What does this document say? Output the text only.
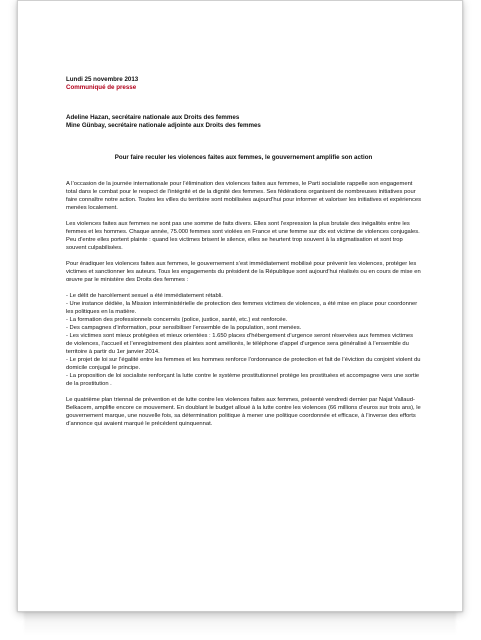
Lundi 25 novembre 2013

Communiqué de presse

Adeline Hazan, secrétaire nationale aux Droits des femmes

Mine Günbay, secrétaire nationale adjointe aux Droits des femmes

Pour faire reculer les violences faites aux femmes, le gouvernement amplifie son action

A l’occasion de la journée internationale pour l’élimination des violences faites aux femmes, le Parti socialiste rappelle son engagement total dans le combat pour le respect de l’intégrité et de la dignité des femmes. Ses fédérations organisent de nombreuses initiatives pour faire connaître notre action. Toutes les villes du territoire sont mobilisées aujourd’hui pour informer et valoriser les initiatives et expériences menées localement.

Les violences faites aux femmes ne sont pas une somme de faits divers. Elles sont l’expression la plus brutale des inégalités entre les femmes et les hommes. Chaque année, 75.000 femmes sont violées en France et une femme sur dix est victime de violences conjugales. Peu d’entre elles portent plainte : quand les victimes brisent le silence, elles se heurtent trop souvent à la stigmatisation et sont trop souvent culpabilisées.

Pour éradiquer les violences faites aux femmes, le gouvernement s’est immédiatement mobilisé pour prévenir les violences, protéger les victimes et sanctionner les auteurs. Tous les engagements du président de la République sont aujourd’hui réalisés ou en cours de mise en œuvre par le ministère des Droits des femmes :

- Le délit de harcèlement sexuel a été immédiatement rétabli.
- Une instance dédiée, la Mission interministérielle de protection des femmes victimes de violences, a été mise en place pour coordonner les politiques en la matière.
- La formation des professionnels concernés (police, justice, santé, etc.) est renforcée.
- Des campagnes d’information, pour sensibiliser l’ensemble de la population, sont menées.
- Les victimes sont mieux protégées et mieux orientées : 1.650 places d’hébergement d’urgence seront réservées aux femmes victimes de violences, l’accueil et l’enregistrement des plaintes sont améliorés, le téléphone d’appel d’urgence sera généralisé à l’ensemble du territoire à partir du 1er janvier 2014.
- Le projet de loi sur l’égalité entre les femmes et les hommes renforce l’ordonnance de protection et fait de l’éviction du conjoint violent du domicile conjugal le principe.
- La proposition de loi socialiste renforçant la lutte contre le système prostitutionnel protège les prostituées et accompagne vers une sortie de la prostitution .

Le quatrième plan triennal de prévention et de lutte contre les violences faites aux femmes, présenté vendredi dernier par Najat Vallaud-Belkacem, amplifie encore ce mouvement. En doublant le budget alloué à la lutte contre les violences (66 millions d’euros sur trois ans), le gouvernement marque, une nouvelle fois, sa détermination politique à mener une politique coordonnée et efficace, à l’inverse des efforts d’annonce qui avaient marqué le précédent quinquennat.
